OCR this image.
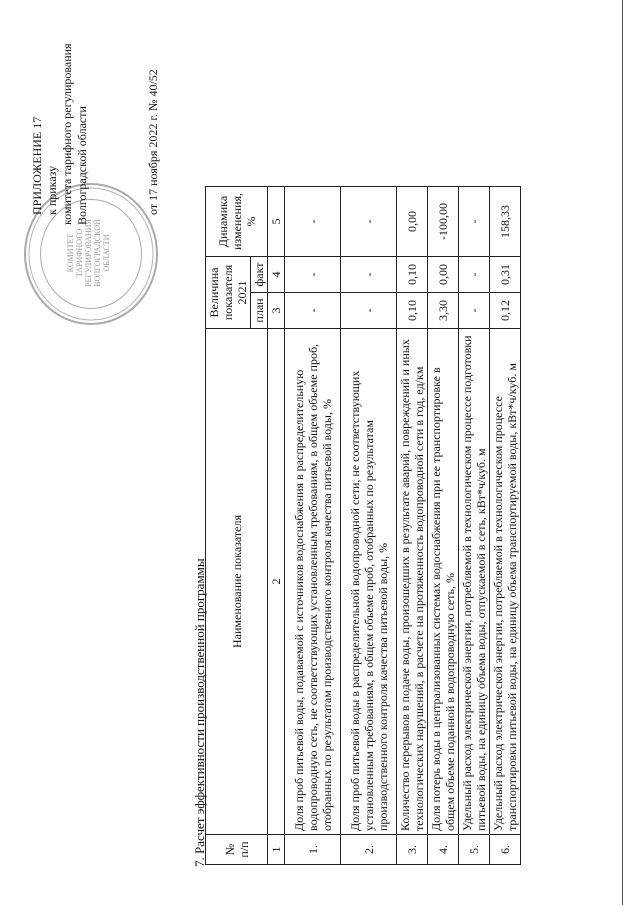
КОМИТЕТ ТАРИФНОГО РЕГУЛИРОВАНИЯ ВОЛГОГРАДСКОЙ ОБЛАСТИ
ПРИЛОЖЕНИЕ 17 к приказу комитета тарифного регулирования Волгоградской области	от 17 ноября 2022 г. № 40/52
7. Расчет эффективности производственной программы № п/п	Наименование показателя	Величина показателя 2021		Динамика изменения, %
		план	факт	
1	2	3	4	5
1.	Доля проб питьевой воды, подаваемой с источников водоснабжения в распределительную водопроводную сеть, не соответствующих установленным требованиям, в общем объеме проб, отобранных по результатам производственного контроля качества питьевой воды, %	-	-	-
2.	Доля проб питьевой воды в распределительной водопроводной сети, не соответствующих установленным требованиям, в общем объеме проб, отобранных по результатам производственного контроля качества питьевой воды, %	-	-	-
3.	Количество перерывов в подаче воды, произошедших в результате аварий, повреждений и иных технологических нарушений, в расчете на протяженность водопроводной сети в год, ед/км	0,10	0,10	0,00
4.	Доля потерь воды в централизованных системах водоснабжения при ее транспортировке в общем объеме поданной в водопроводную сеть, %	3,30	0,00	-100,00
5.	Удельный расход электрической энергии, потребляемой в технологическом процессе подготовки питьевой воды, на единицу объема воды, отпускаемой в сеть, кВт*ч/куб. м	-	-	-
6.	Удельный расход электрической энергии, потребляемой в технологическом процессе транспортировки питьевой воды, на единицу объема транспортируемой воды, кВт*ч/куб. м	0,12	0,31	158,33
